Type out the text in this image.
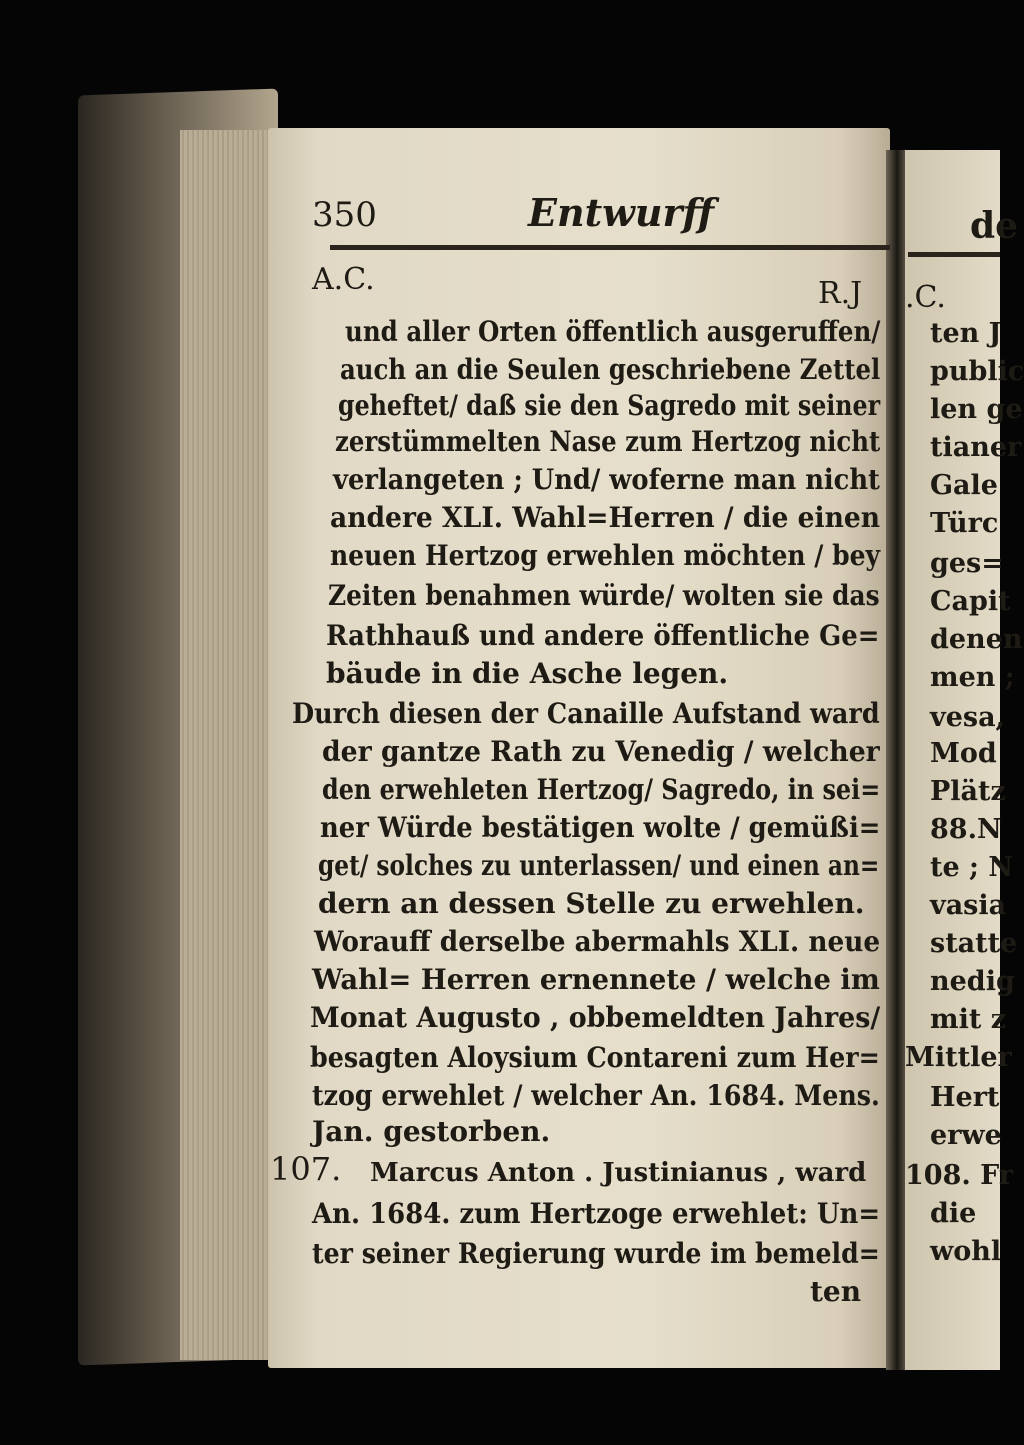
350	Entwurff
A.C.	R.J
107.
und aller Orten öffentlich ausgeruffen/
auch an die Seulen geschriebene Zettel
geheftet/ daß sie den Sagredo mit seiner
zerstümmelten Nase zum Hertzog nicht
verlangeten ; Und/ woferne man nicht
andere XLI. Wahl=Herren / die einen
neuen Hertzog erwehlen möchten / bey
Zeiten benahmen würde/ wolten sie das
Rathhauß und andere öffentliche Ge=
bäude in die Asche legen.
Durch diesen der Canaille Aufstand ward
der gantze Rath zu Venedig / welcher
den erwehleten Hertzog/ Sagredo, in sei=
ner Würde bestätigen wolte / gemüßi=
get/ solches zu unterlassen/ und einen an=
dern an dessen Stelle zu erwehlen.
Worauff derselbe abermahls XLI. neue
Wahl= Herren ernennete / welche im
Monat Augusto , obbemeldten Jahres/
besagten Aloysium Contareni zum Her=
tzog erwehlet / welcher An. 1684. Mens.
Jan. gestorben.
Marcus Anton . Justinianus , ward
An. 1684. zum Hertzoge erwehlet: Un=
ter seiner Regierung wurde im bemeld=
ten
de
.C.
ten J
public
len ge
tianer
Gale
Türc
ges=
Capit
denen
men ;
vesa,
Mod
Plätz
88.N
te ; N
vasia
statte
nedig
mit z
Mittler
Hert
erwe
108. Fr
die
wohl
